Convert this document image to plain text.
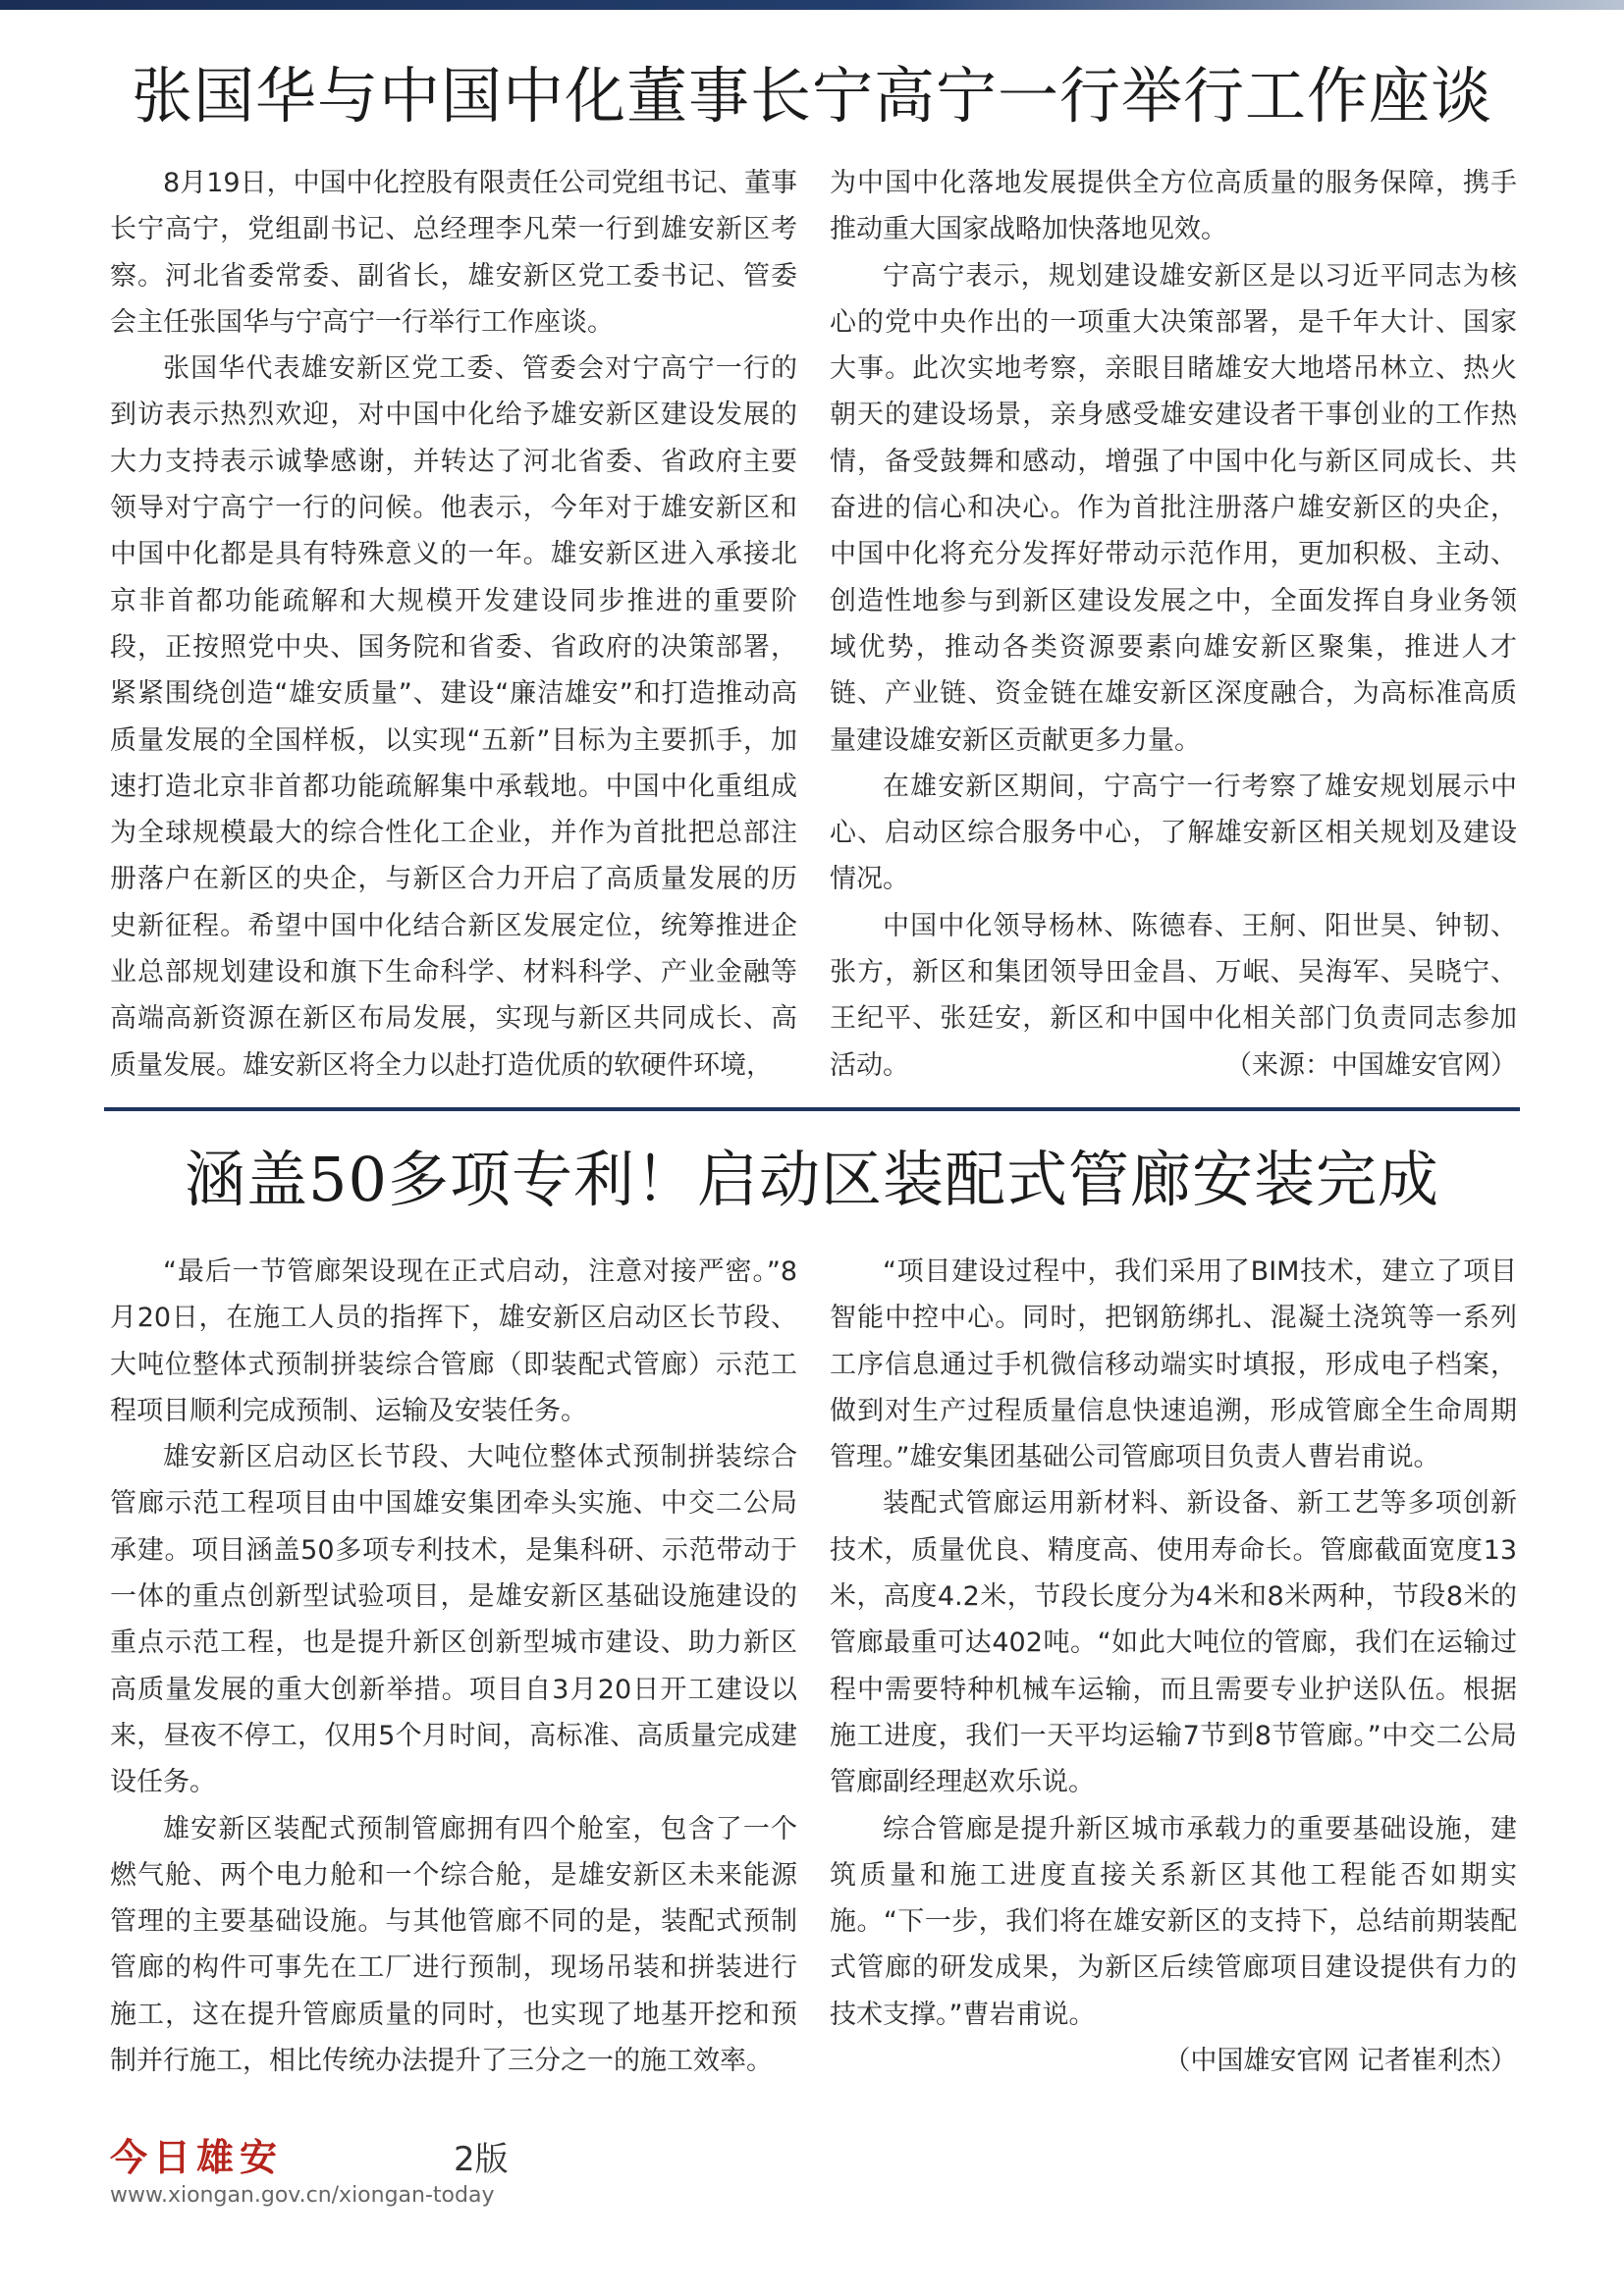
张国华与中国中化董事长宁高宁一行举行工作座谈

8月19日，中国中化控股有限责任公司党组书记、董事长宁高宁，党组副书记、总经理李凡荣一行到雄安新区考察。河北省委常委、副省长，雄安新区党工委书记、管委会主任张国华与宁高宁一行举行工作座谈。

张国华代表雄安新区党工委、管委会对宁高宁一行的到访表示热烈欢迎，对中国中化给予雄安新区建设发展的大力支持表示诚挚感谢，并转达了河北省委、省政府主要领导对宁高宁一行的问候。他表示，今年对于雄安新区和中国中化都是具有特殊意义的一年。雄安新区进入承接北京非首都功能疏解和大规模开发建设同步推进的重要阶段，正按照党中央、国务院和省委、省政府的决策部署，紧紧围绕创造“雄安质量”、建设“廉洁雄安”和打造推动高质量发展的全国样板，以实现“五新”目标为主要抓手，加速打造北京非首都功能疏解集中承载地。中国中化重组成为全球规模最大的综合性化工企业，并作为首批把总部注册落户在新区的央企，与新区合力开启了高质量发展的历史新征程。希望中国中化结合新区发展定位，统筹推进企业总部规划建设和旗下生命科学、材料科学、产业金融等高端高新资源在新区布局发展，实现与新区共同成长、高质量发展。雄安新区将全力以赴打造优质的软硬件环境，

为中国中化落地发展提供全方位高质量的服务保障，携手推动重大国家战略加快落地见效。

宁高宁表示，规划建设雄安新区是以习近平同志为核心的党中央作出的一项重大决策部署，是千年大计、国家大事。此次实地考察，亲眼目睹雄安大地塔吊林立、热火朝天的建设场景，亲身感受雄安建设者干事创业的工作热情，备受鼓舞和感动，增强了中国中化与新区同成长、共奋进的信心和决心。作为首批注册落户雄安新区的央企，中国中化将充分发挥好带动示范作用，更加积极、主动、创造性地参与到新区建设发展之中，全面发挥自身业务领域优势，推动各类资源要素向雄安新区聚集，推进人才链、产业链、资金链在雄安新区深度融合，为高标准高质量建设雄安新区贡献更多力量。

在雄安新区期间，宁高宁一行考察了雄安规划展示中心、启动区综合服务中心，了解雄安新区相关规划及建设情况。

中国中化领导杨林、陈德春、王舸、阳世昊、钟韧、张方，新区和集团领导田金昌、万岷、吴海军、吴晓宁、王纪平、张廷安，新区和中国中化相关部门负责同志参加活动。	（来源：中国雄安官网）

涵盖50多项专利！启动区装配式管廊安装完成

“最后一节管廊架设现在正式启动，注意对接严密。”8月20日，在施工人员的指挥下，雄安新区启动区长节段、大吨位整体式预制拼装综合管廊（即装配式管廊）示范工程项目顺利完成预制、运输及安装任务。

雄安新区启动区长节段、大吨位整体式预制拼装综合管廊示范工程项目由中国雄安集团牵头实施、中交二公局承建。项目涵盖50多项专利技术，是集科研、示范带动于一体的重点创新型试验项目，是雄安新区基础设施建设的重点示范工程，也是提升新区创新型城市建设、助力新区高质量发展的重大创新举措。项目自3月20日开工建设以来，昼夜不停工，仅用5个月时间，高标准、高质量完成建设任务。

雄安新区装配式预制管廊拥有四个舱室，包含了一个燃气舱、两个电力舱和一个综合舱，是雄安新区未来能源管理的主要基础设施。与其他管廊不同的是，装配式预制管廊的构件可事先在工厂进行预制，现场吊装和拼装进行施工，这在提升管廊质量的同时，也实现了地基开挖和预制并行施工，相比传统办法提升了三分之一的施工效率。

“项目建设过程中，我们采用了BIM技术，建立了项目智能中控中心。同时，把钢筋绑扎、混凝土浇筑等一系列工序信息通过手机微信移动端实时填报，形成电子档案，做到对生产过程质量信息快速追溯，形成管廊全生命周期管理。”雄安集团基础公司管廊项目负责人曹岩甫说。

装配式管廊运用新材料、新设备、新工艺等多项创新技术，质量优良、精度高、使用寿命长。管廊截面宽度13米，高度4.2米，节段长度分为4米和8米两种，节段8米的管廊最重可达402吨。“如此大吨位的管廊，我们在运输过程中需要特种机械车运输，而且需要专业护送队伍。根据施工进度，我们一天平均运输7节到8节管廊。”中交二公局管廊副经理赵欢乐说。

综合管廊是提升新区城市承载力的重要基础设施，建筑质量和施工进度直接关系新区其他工程能否如期实施。“下一步，我们将在雄安新区的支持下，总结前期装配式管廊的研发成果，为新区后续管廊项目建设提供有力的技术支撑。”曹岩甫说。

（中国雄安官网 记者崔利杰）

今日雄安	2版
www.xiongan.gov.cn/xiongan-today
